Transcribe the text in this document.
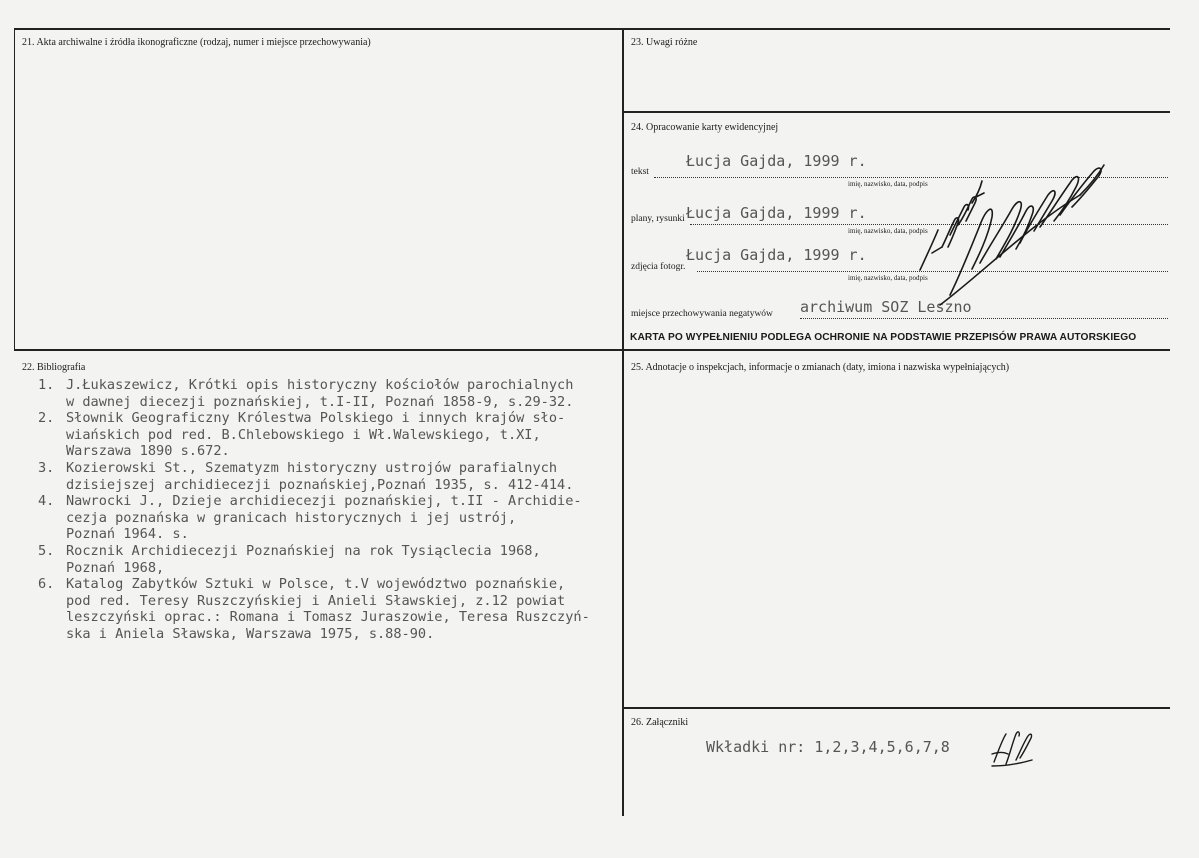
21. Akta archiwalne i źródła ikonograficzne (rodzaj, numer i miejsce przechowywania)	23. Uwagi różne
24. Opracowanie karty ewidencyjnej
tekst
Łucja Gajda, 1999 r.
imię, nazwisko, data, podpis
plany, rysunki Łucja Gajda, 1999 r.
imię, nazwisko, data, podpis
zdjęcia fotogr.
Łucja Gajda, 1999 r.
imię, nazwisko, data, podpis
miejsce przechowywania negatywów archiwum SOZ Leszno
KARTA PO WYPEŁNIENIU PODLEGA OCHRONIE NA PODSTAWIE PRZEPISÓW PRAWA AUTORSKIEGO
22. Bibliografia
1. J.Łukaszewicz, Krótki opis historyczny kościołów parochialnych
w dawnej diecezji poznańskiej, t.I-II, Poznań 1858-9, s.29-32.
2. Słownik Geograficzny Królestwa Polskiego i innych krajów sło-
wiańskich pod red. B.Chlebowskiego i Wł.Walewskiego, t.XI,
Warszawa 1890 s.672.
3. Kozierowski St., Szematyzm historyczny ustrojów parafialnych
dzisiejszej archidiecezji poznańskiej,Poznań 1935, s. 412-414.
4. Nawrocki J., Dzieje archidiecezji poznańskiej, t.II - Archidie-
cezja poznańska w granicach historycznych i jej ustrój,
Poznań 1964. s.
5. Rocznik Archidiecezji Poznańskiej na rok Tysiąclecia 1968,
Poznań 1968,
6. Katalog Zabytków Sztuki w Polsce, t.V województwo poznańskie,
pod red. Teresy Ruszczyńskiej i Anieli Sławskiej, z.12 powiat
leszczyński oprac.: Romana i Tomasz Juraszowie, Teresa Ruszczyń-
ska i Aniela Sławska, Warszawa 1975, s.88-90.
25. Adnotacje o inspekcjach, informacje o zmianach (daty, imiona i nazwiska wypełniających)
26. Załączniki
Wkładki nr: 1,2,3,4,5,6,7,8
